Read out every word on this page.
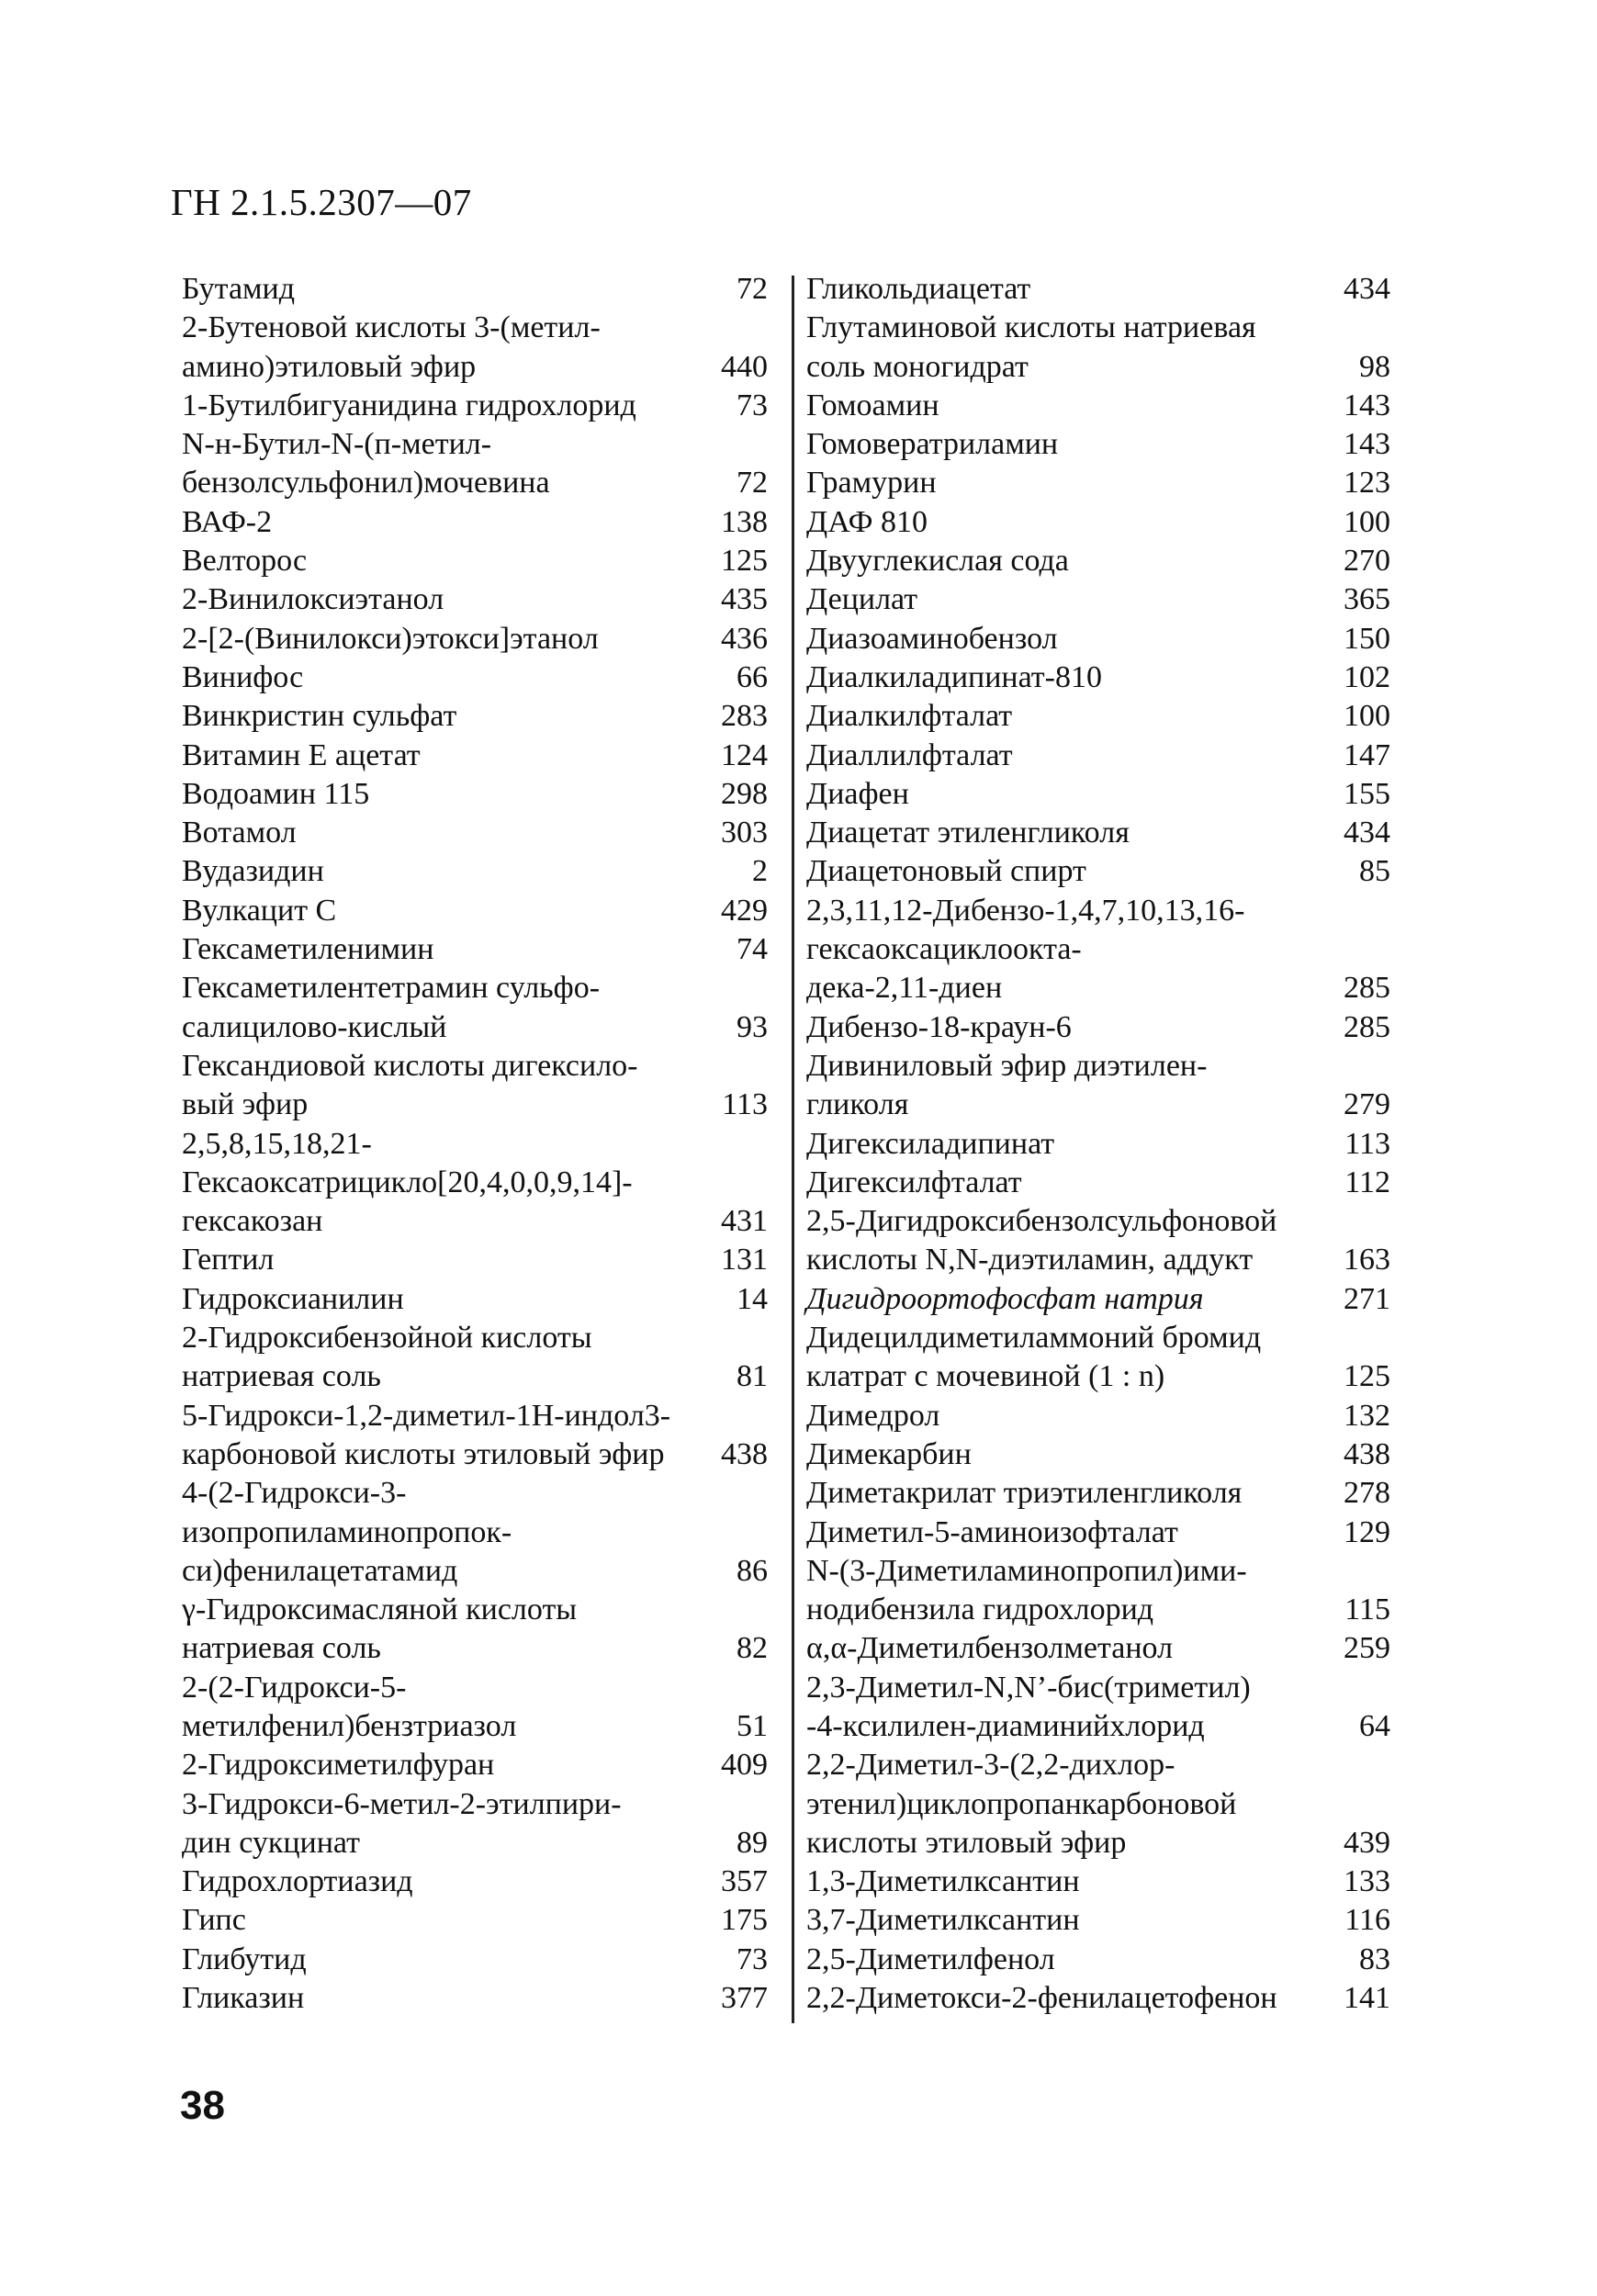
ГН 2.1.5.2307—07
Бутамид	72
2-Бутеновой кислоты 3-(метил-
амино)этиловый эфир	440
1-Бутилбигуанидина гидрохлорид	73
N-н-Бутил-N-(п-метил-
бензолсульфонил)мочевина	72
ВАФ-2	138
Велторос	125
2-Винилоксиэтанол	435
2-[2-(Винилокси)этокси]этанол	436
Винифос	66
Винкристин сульфат	283
Витамин Е ацетат	124
Водоамин 115	298
Вотамол	303
Вудазидин	2
Вулкацит С	429
Гексаметиленимин	74
Гексаметилентетрамин сульфо-
салицилово-кислый	93
Гександиовой кислоты дигексило-
вый эфир	113
2,5,8,15,18,21-
Гексаоксатрицикло[20,4,0,0,9,14]-
гексакозан	431
Гептил	131
Гидроксианилин	14
2-Гидроксибензойной кислоты
натриевая соль	81
5-Гидрокси-1,2-диметил-1Н-индол3-
карбоновой кислоты этиловый эфир	438
4-(2-Гидрокси-3-
изопропиламинопропок-
си)фенилацетатамид	86
γ-Гидроксимасляной кислоты
натриевая соль	82
2-(2-Гидрокси-5-
метилфенил)бензтриазол	51
2-Гидроксиметилфуран	409
3-Гидрокси-6-метил-2-этилпири-
дин сукцинат	89
Гидрохлортиазид	357
Гипс	175
Глибутид	73
Гликазин	377
Гликольдиацетат	434
Глутаминовой кислоты натриевая
соль моногидрат	98
Гомоамин	143
Гомовератриламин	143
Грамурин	123
ДАФ 810	100
Двууглекислая сода	270
Децилат	365
Диазоаминобензол	150
Диалкиладипинат-810	102
Диалкилфталат	100
Диаллилфталат	147
Диафен	155
Диацетат этиленгликоля	434
Диацетоновый спирт	85
2,3,11,12-Дибензо-1,4,7,10,13,16-
гексаоксациклоокта-
дека-2,11-диен	285
Дибензо-18-краун-6	285
Дивиниловый эфир диэтилен-
гликоля	279
Дигексиладипинат	113
Дигексилфталат	112
2,5-Дигидроксибензолсульфоновой
кислоты N,N-диэтиламин, аддукт	163
Дигидроортофосфат натрия	271
Дидецилдиметиламмоний бромид
клатрат с мочевиной (1 : n)	125
Димедрол	132
Димекарбин	438
Диметакрилат триэтиленгликоля	278
Диметил-5-аминоизофталат	129
N-(3-Диметиламинопропил)ими-
нодибензила гидрохлорид	115
α,α-Диметилбензолметанол	259
2,3-Диметил-N,N’-бис(триметил)
-4-ксилилен-диаминийхлорид	64
2,2-Диметил-3-(2,2-дихлор-
этенил)циклопропанкарбоновой
кислоты этиловый эфир	439
1,3-Диметилксантин	133
3,7-Диметилксантин	116
2,5-Диметилфенол	83
2,2-Диметокси-2-фенилацетофенон	141
38
